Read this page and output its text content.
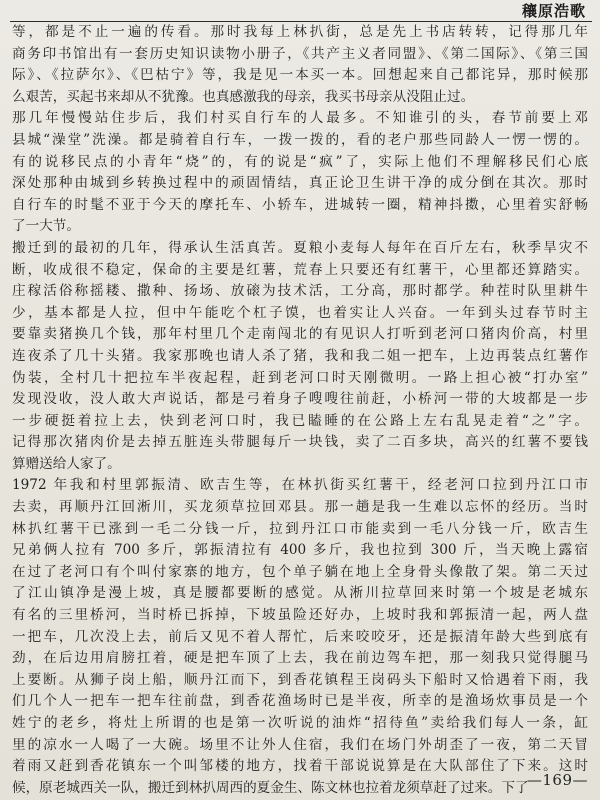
穰原浩歌
等，都是不止一遍的传看。那时我每上林扒街，总是先上书店转转，记得那几年
商务印书馆出有一套历史知识读物小册子，《共产主义者同盟》、《第二国际》、《第三国
际》、《拉萨尔》、《巴枯宁》等，我是见一本买一本。回想起来自己都诧异，那时候那
么艰苦，买起书来却从不犹豫。也真感激我的母亲，我买书母亲从没阻止过。
那几年慢慢站住步后，我们村买自行车的人最多。不知谁引的头，春节前要上邓
县城“澡堂”洗澡。都是骑着自行车，一拨一拨的，看的老户那些同龄人一愣一愣的。
有的说移民点的小青年“烧”的，有的说是“疯”了，实际上他们不理解移民们心底
深处那种由城到乡转换过程中的顽固情结，真正论卫生讲干净的成分倒在其次。那时
自行车的时髦不亚于今天的摩托车、小轿车，进城转一圈，精神抖擞，心里着实舒畅
了一大节。
搬迁到的最初的几年，得承认生活真苦。夏粮小麦每人每年在百斤左右，秋季旱灾不
断，收成很不稳定，保命的主要是红薯，荒春上只要还有红薯干，心里都还算踏实。
庄稼活俗称摇耧、撒种、扬场、放磙为技术活，工分高，那时都学。种茬时队里耕牛
少，基本都是人拉，但中午能吃个杠子馍，也着实让人兴奋。一年到头过春节时主
要靠卖猪换几个钱，那年村里几个走南闯北的有见识人打听到老河口猪肉价高，村里
连夜杀了几十头猪。我家那晚也请人杀了猪，我和我二姐一把车，上边再装点红薯作
伪装，全村几十把拉车半夜起程，赶到老河口时天刚微明。一路上担心被“打办室”
发现没收，没人敢大声说话，都是弓着身子嗖嗖往前赶，小桥河一带的大坡都是一步
一步硬挺着拉上去，快到老河口时，我已瞌睡的在公路上左右乱晃走着“之”字。
记得那次猪肉价是去掉五脏连头带腿每斤一块钱，卖了二百多块，高兴的红薯不要钱
算赠送给人家了。
1972 年我和村里郭振清、欧吉生等，在林扒街买红薯干，经老河口拉到丹江口市
去卖，再顺丹江回淅川，买龙须草拉回邓县。那一趟是我一生难以忘怀的经历。当时
林扒红薯干已涨到一毛二分钱一斤，拉到丹江口市能卖到一毛八分钱一斤，欧吉生
兄弟俩人拉有 700 多斤，郭振清拉有 400 多斤，我也拉到 300 斤，当天晚上露宿
在过了老河口有个叫付家寨的地方，包个单子躺在地上全身骨头像散了架。第二天过
了江山镇净是漫上坡，真是腰都要断的感觉。从淅川拉草回来时第一个坡是老城东
有名的三里桥河，当时桥已拆掉，下坡虽险还好办，上坡时我和郭振清一起，两人盘
一把车，几次没上去，前后又见不着人帮忙，后来咬咬牙，还是振清年龄大些到底有
劲，在后边用肩膀扛着，硬是把车顶了上去，我在前边驾车把，那一刻我只觉得腿马
上要断。从狮子岗上船，顺丹江而下，到香花镇程王岗码头下船时又恰遇着下雨，我
们几个人一把车一把车往前盘，到香花渔场时已是半夜，所幸的是渔场炊事员是一个
姓宁的老乡，将灶上所谓的也是第一次听说的油炸“招待鱼”卖给我们每人一条，缸
里的凉水一人喝了一大碗。场里不让外人住宿，我们在场门外胡歪了一夜，第二天冒
着雨又赶到香花镇东一个叫邹楼的地方，找着干部说说算是在大队部住了下来。这时
候，原老城西关一队，搬迁到林扒周西的夏金生、陈文林也拉着龙须草赶了过来。下了
—169—
